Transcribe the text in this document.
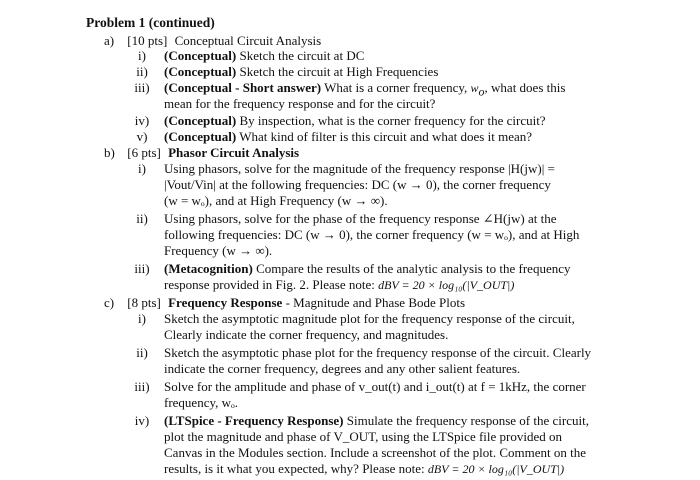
Problem 1 (continued)
a) [10 pts] Conceptual Circuit Analysis
i)	(Conceptual) Sketch the circuit at DC
ii)	(Conceptual) Sketch the circuit at High Frequencies
iii)	(Conceptual - Short answer) What is a corner frequency, $w_o$, what does this
mean for the frequency response and for the circuit?
iv)	(Conceptual) By inspection, what is the corner frequency for the circuit?
v)	(Conceptual) What kind of filter is this circuit and what does it mean?
b) [6 pts] Phasor Circuit Analysis
i)	Using phasors, solve for the magnitude of the frequency response |H(jw)| =
|Vout/Vin| at the following frequencies: DC (w → 0), the corner frequency
(w = wₒ), and at High Frequency (w → ∞).
ii)	Using phasors, solve for the phase of the frequency response ∠H(jw) at the
following frequencies: DC (w → 0), the corner frequency (w = wₒ), and at High
Frequency (w → ∞).
iii)	(Metacognition) Compare the results of the analytic analysis to the frequency
response provided in Fig. 2. Please note: dBV = 20 × log₁₀(|V_OUT|)
c) [8 pts] Frequency Response - Magnitude and Phase Bode Plots
i)	Sketch the asymptotic magnitude plot for the frequency response of the circuit,
Clearly indicate the corner frequency, and magnitudes.
ii)	Sketch the asymptotic phase plot for the frequency response of the circuit. Clearly
indicate the corner frequency, degrees and any other salient features.
iii)	Solve for the amplitude and phase of v_out(t) and i_out(t) at f = 1kHz, the corner
frequency, wₒ.
iv)	(LTSpice - Frequency Response) Simulate the frequency response of the circuit,
plot the magnitude and phase of V_OUT, using the LTSpice file provided on
Canvas in the Modules section. Include a screenshot of the plot. Comment on the
results, is it what you expected, why? Please note: dBV = 20 × log₁₀(|V_OUT|)
